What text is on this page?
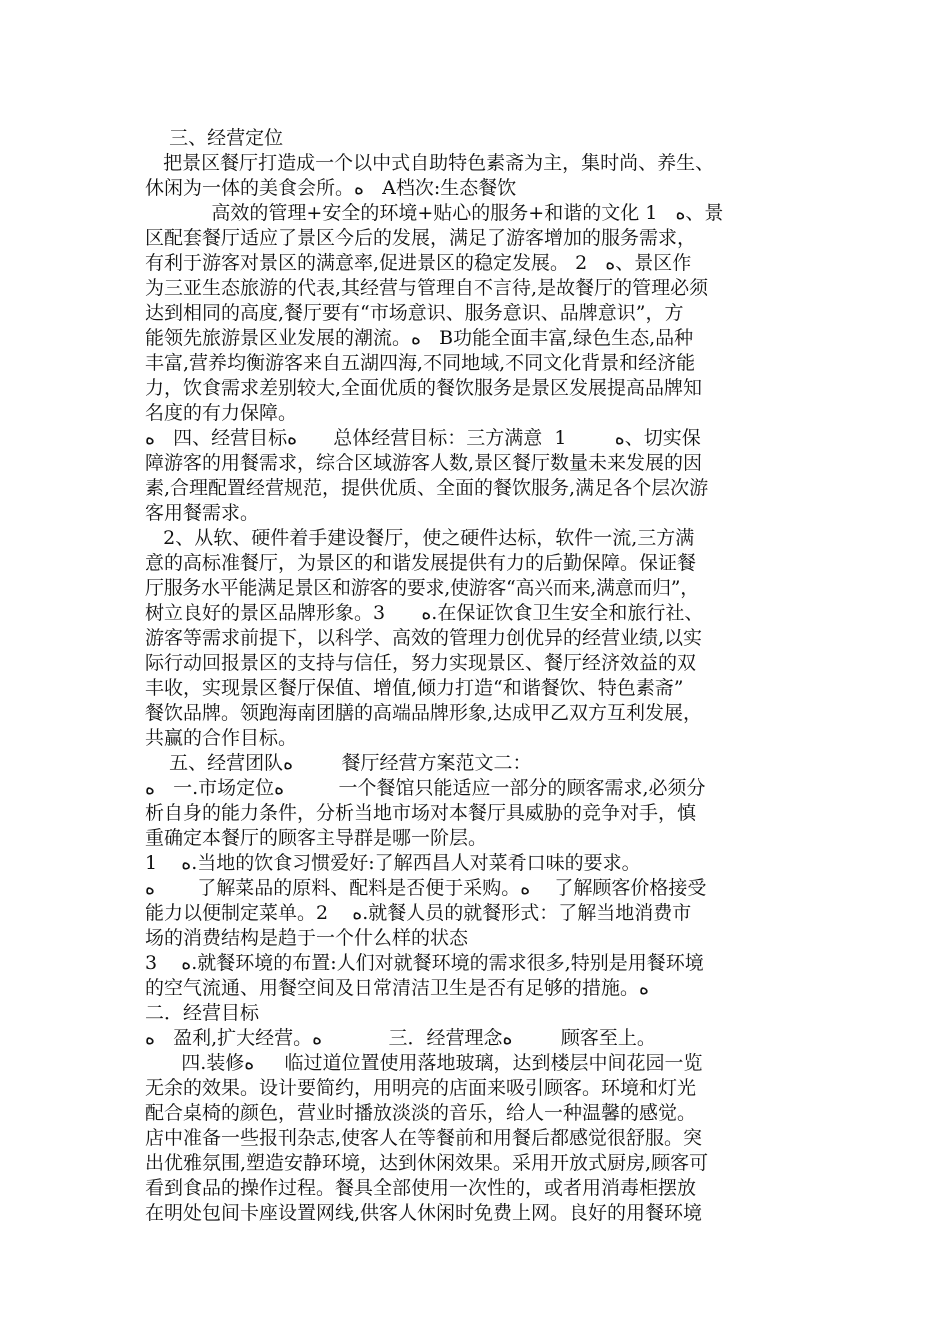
三、经营定位
把景区餐厅打造成一个以中式自助特色素斋为主，集时尚、养生、
休闲为一体的美食会所。ﻩ   A档次:生态餐饮
高效的管理+安全的环境+贴心的服务+和谐的文化 1   ﻩ、景
区配套餐厅适应了景区今后的发展，满足了游客增加的服务需求，
有利于游客对景区的满意率,促进景区的稳定发展。 2   ﻩ、景区作
为三亚生态旅游的代表,其经营与管理自不言待,是故餐厅的管理必须
达到相同的高度,餐厅要有“市场意识、服务意识、品牌意识”，方
能领先旅游景区业发展的潮流。ﻩ   B功能全面丰富,绿色生态,品种
丰富,营养均衡游客来自五湖四海,不同地域,不同文化背景和经济能
力，饮食需求差别较大,全面优质的餐饮服务是景区发展提高品牌知
名度的有力保障。
ﻩ   四、经营目标ﻩ      总体经营目标：三方满意  1        ﻩ、切实保
障游客的用餐需求，综合区域游客人数,景区餐厅数量未来发展的因
素,合理配置经营规范，提供优质、全面的餐饮服务,满足各个层次游
客用餐需求。
2、从软、硬件着手建设餐厅，使之硬件达标，软件一流,三方满
意的高标准餐厅，为景区的和谐发展提供有力的后勤保障。保证餐
厅服务水平能满足景区和游客的要求,使游客“高兴而来,满意而归”，
树立良好的景区品牌形象。3      ﻩ.在保证饮食卫生安全和旅行社、
游客等需求前提下，以科学、高效的管理力创优异的经营业绩,以实
际行动回报景区的支持与信任，努力实现景区、餐厅经济效益的双
丰收，实现景区餐厅保值、增值,倾力打造“和谐餐饮、特色素斋”
餐饮品牌。领跑海南团膳的高端品牌形象,达成甲乙双方互利发展，
共赢的合作目标。
五、经营团队ﻩ        餐厅经营方案范文二：
ﻩ   一.市场定位ﻩ         一个餐馆只能适应一部分的顾客需求,必须分
析自身的能力条件，分析当地市场对本餐厅具威胁的竞争对手，慎
重确定本餐厅的顾客主导群是哪一阶层。
1    ﻩ.当地的饮食习惯爱好:了解西昌人对菜肴口味的要求。
ﻩ       了解菜品的原料、配料是否便于采购。ﻩ    了解顾客价格接受
能力以便制定菜单。2    ﻩ.就餐人员的就餐形式：了解当地消费市
场的消费结构是趋于一个什么样的状态
3    ﻩ.就餐环境的布置:人们对就餐环境的需求很多,特别是用餐环境
的空气流通、用餐空间及日常清洁卫生是否有足够的措施。ﻩ
二．经营目标
ﻩ   盈利,扩大经营。ﻩ           三．经营理念ﻩ        顾客至上。
四.装修ﻩ     临过道位置使用落地玻璃，达到楼层中间花园一览
无余的效果。设计要简约，用明亮的店面来吸引顾客。环境和灯光
配合桌椅的颜色，营业时播放淡淡的音乐，给人一种温馨的感觉。
店中准备一些报刊杂志,使客人在等餐前和用餐后都感觉很舒服。突
出优雅氛围,塑造安静环境，达到休闲效果。采用开放式厨房,顾客可
看到食品的操作过程。餐具全部使用一次性的，或者用消毒柜摆放
在明处包间卡座设置网线,供客人休闲时免费上网。良好的用餐环境
